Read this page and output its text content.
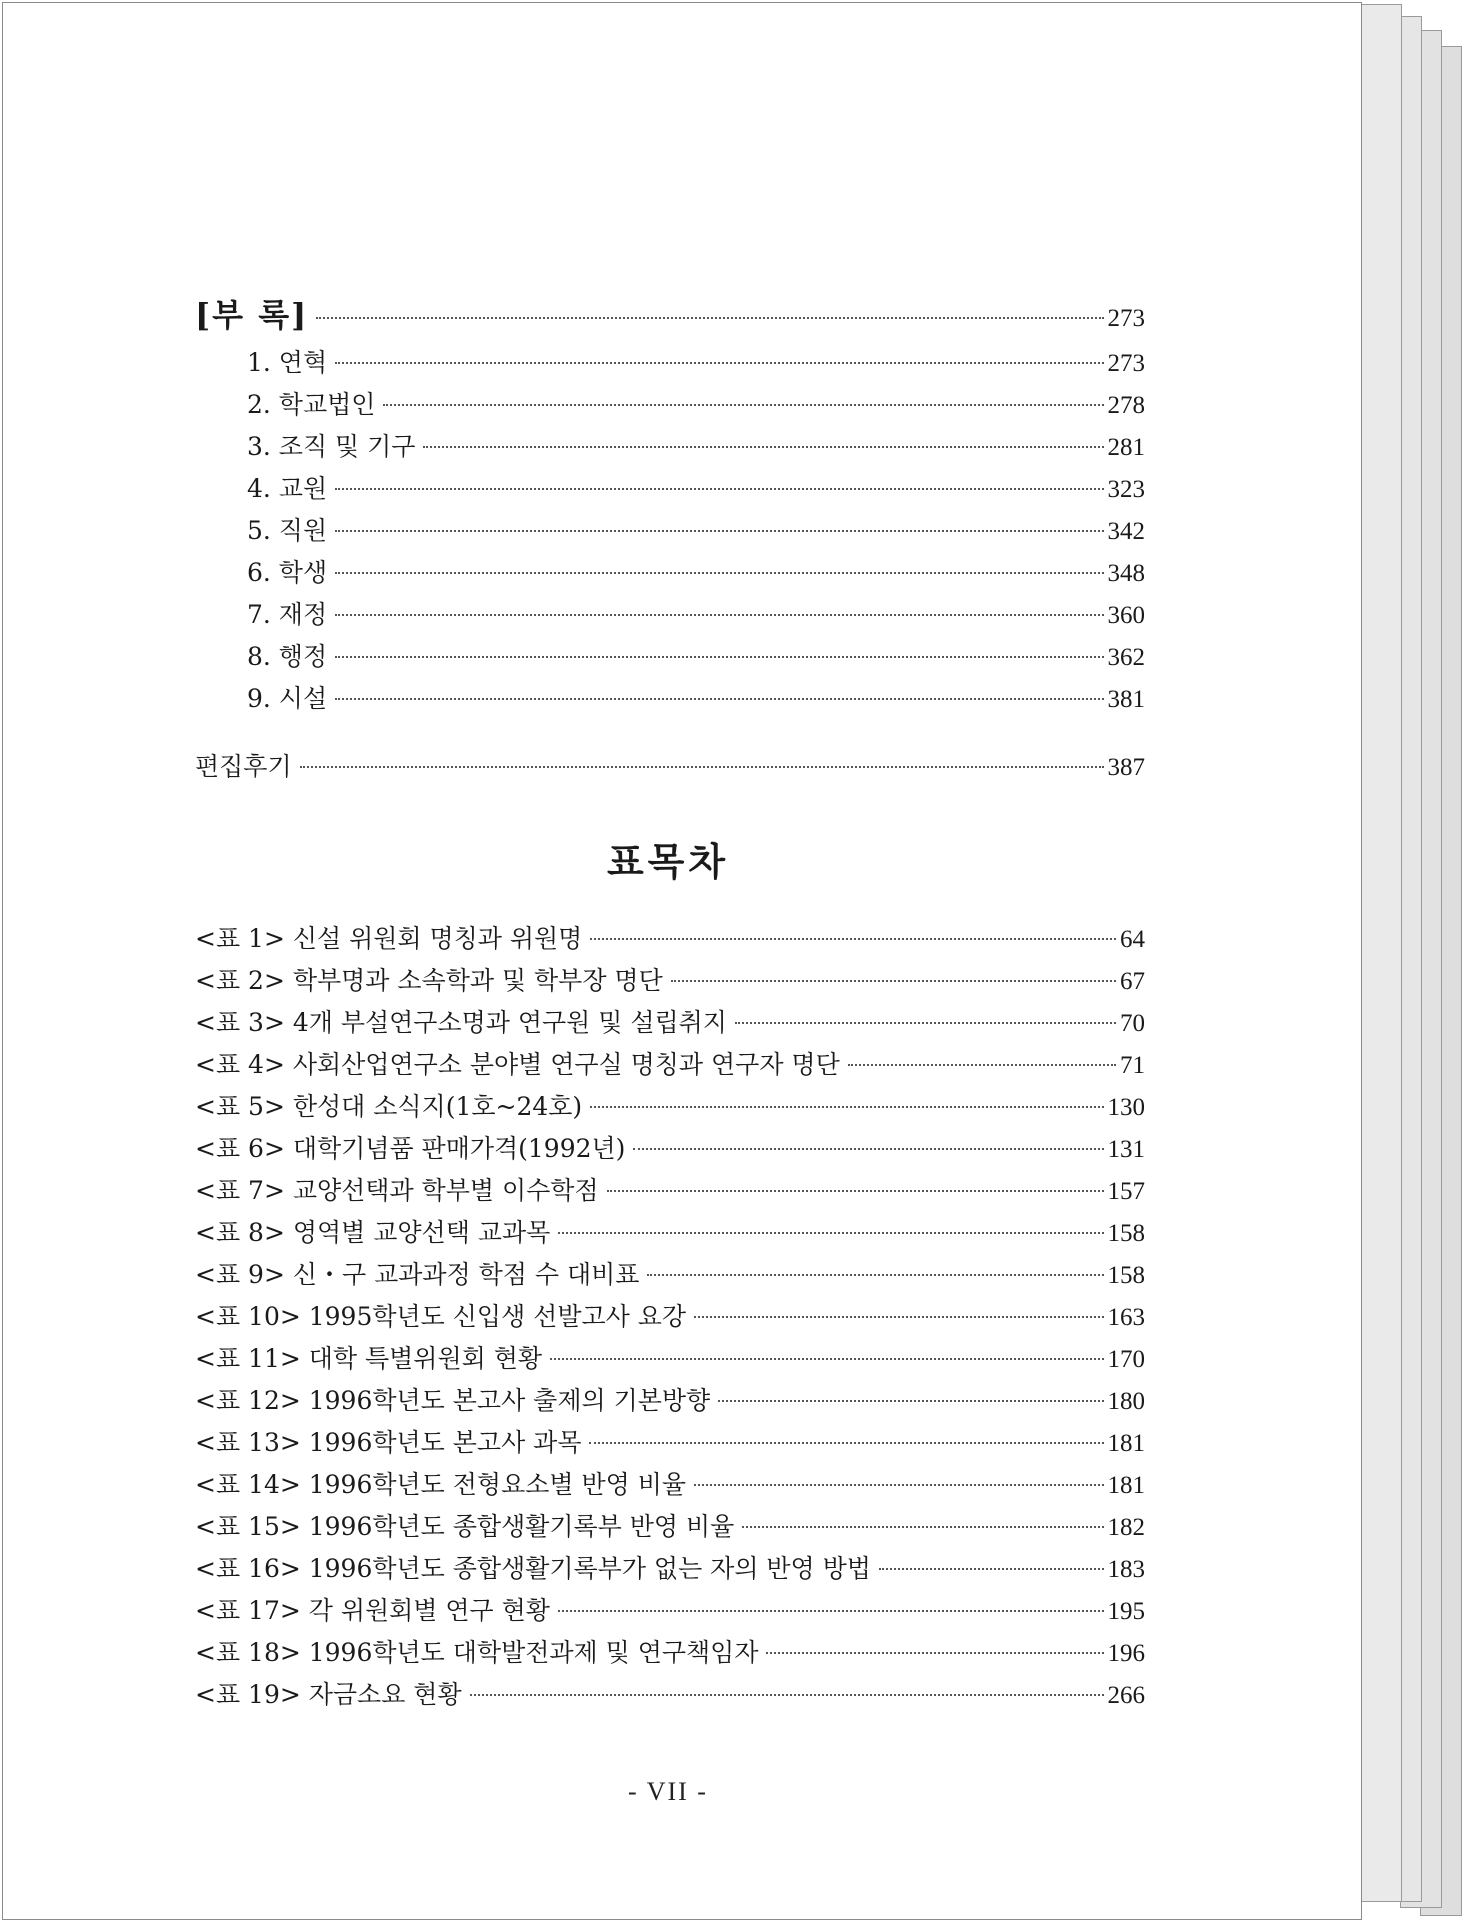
[부 록]	273
1. 연혁	273
2. 학교법인	278
3. 조직 및 기구	281
4. 교원	323
5. 직원	342
6. 학생	348
7. 재정	360
8. 행정	362
9. 시설	381
편집후기	387
표목차
<표 1> 신설 위원회 명칭과 위원명	64
<표 2> 학부명과 소속학과 및 학부장 명단	67
<표 3> 4개 부설연구소명과 연구원 및 설립취지	70
<표 4> 사회산업연구소 분야별 연구실 명칭과 연구자 명단	71
<표 5> 한성대 소식지(1호~24호)	130
<표 6> 대학기념품 판매가격(1992년)	131
<표 7> 교양선택과 학부별 이수학점	157
<표 8> 영역별 교양선택 교과목	158
<표 9> 신・구 교과과정 학점 수 대비표	158
<표 10> 1995학년도 신입생 선발고사 요강	163
<표 11> 대학 특별위원회 현황	170
<표 12> 1996학년도 본고사 출제의 기본방향	180
<표 13> 1996학년도 본고사 과목	181
<표 14> 1996학년도 전형요소별 반영 비율	181
<표 15> 1996학년도 종합생활기록부 반영 비율	182
<표 16> 1996학년도 종합생활기록부가 없는 자의 반영 방법	183
<표 17> 각 위원회별 연구 현황	195
<표 18> 1996학년도 대학발전과제 및 연구책임자	196
<표 19> 자금소요 현황	266
- VII -
